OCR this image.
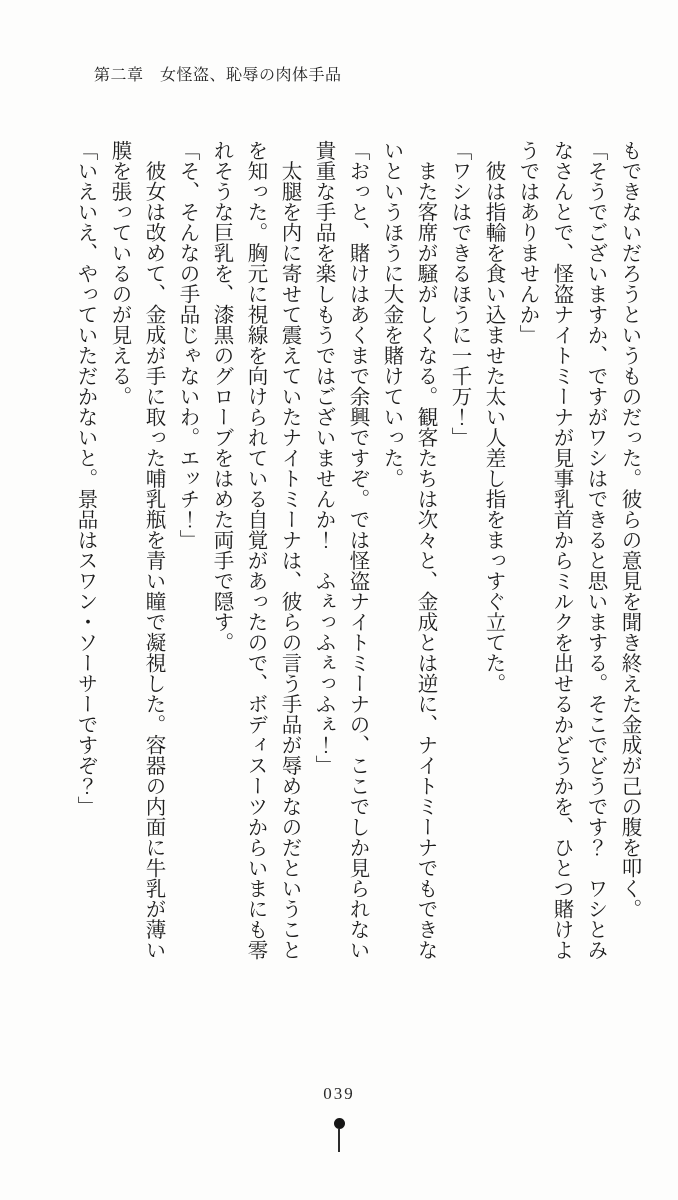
第二章　女怪盗、恥辱の肉体手品
もできないだろうというものだった。彼らの意見を聞き終えた金成が己の腹を叩く。
「そうでございますか、ですがワシはできると思いまする。そこでどうです？　ワシとみ
なさんとで、怪盗ナイトミーナが見事乳首からミルクを出せるかどうかを、ひとつ賭けよ
うではありませんか」
　彼は指輪を食い込ませた太い人差し指をまっすぐ立てた。
「ワシはできるほうに一千万！」
　また客席が騒がしくなる。観客たちは次々と、金成とは逆に、ナイトミーナでもできな
いというほうに大金を賭けていった。
「おっと、賭けはあくまで余興ですぞ。では怪盗ナイトミーナの、ここでしか見られない
貴重な手品を楽しもうではございませんか！　ふぇっふぇっふぇ！」
　太腿を内に寄せて震えていたナイトミーナは、彼らの言う手品が辱めなのだということ
を知った。胸元に視線を向けられている自覚があったので、ボディスーツからいまにも零
れそうな巨乳を、漆黒のグローブをはめた両手で隠す。
「そ、そんなの手品じゃないわ。エッチ！」
　彼女は改めて、金成が手に取った哺乳瓶を青い瞳で凝視した。容器の内面に牛乳が薄い
膜を張っているのが見える。
「いえいえ、やっていただかないと。景品はスワン・ソーサーですぞ？」
039
